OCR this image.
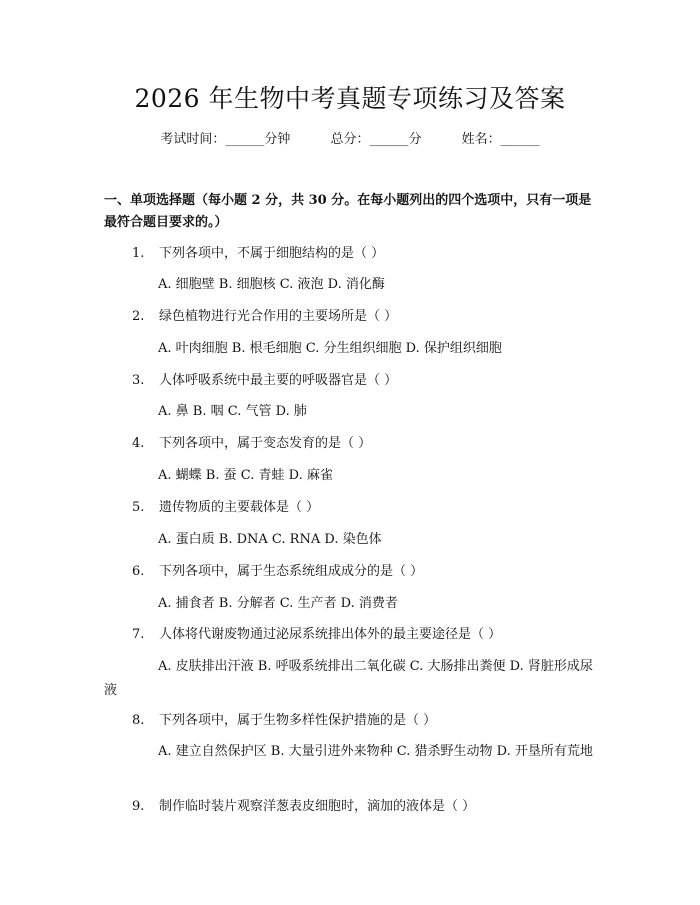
2026 年生物中考真题专项练习及答案
考试时间：______分钟	总分：______分	姓名：______
一、单项选择题（每小题 2 分，共 30 分。在每小题列出的四个选项中，只有一项是最符合题目要求的。）
1. 下列各项中，不属于细胞结构的是（ ）
A. 细胞壁 B. 细胞核 C. 液泡 D. 消化酶
2. 绿色植物进行光合作用的主要场所是（ ）
A. 叶肉细胞 B. 根毛细胞 C. 分生组织细胞 D. 保护组织细胞
3. 人体呼吸系统中最主要的呼吸器官是（ ）
A. 鼻 B. 咽 C. 气管 D. 肺
4. 下列各项中，属于变态发育的是（ ）
A. 蝴蝶 B. 蚕 C. 青蛙 D. 麻雀
5. 遗传物质的主要载体是（ ）
A. 蛋白质 B. DNA C. RNA D. 染色体
6. 下列各项中，属于生态系统组成成分的是（ ）
A. 捕食者 B. 分解者 C. 生产者 D. 消费者
7. 人体将代谢废物通过泌尿系统排出体外的最主要途径是（ ）
A. 皮肤排出汗液 B. 呼吸系统排出二氧化碳 C. 大肠排出粪便 D. 肾脏形成尿液
8. 下列各项中，属于生物多样性保护措施的是（ ）
A. 建立自然保护区 B. 大量引进外来物种 C. 猎杀野生动物 D. 开垦所有荒地
9. 制作临时装片观察洋葱表皮细胞时，滴加的液体是（ ）
